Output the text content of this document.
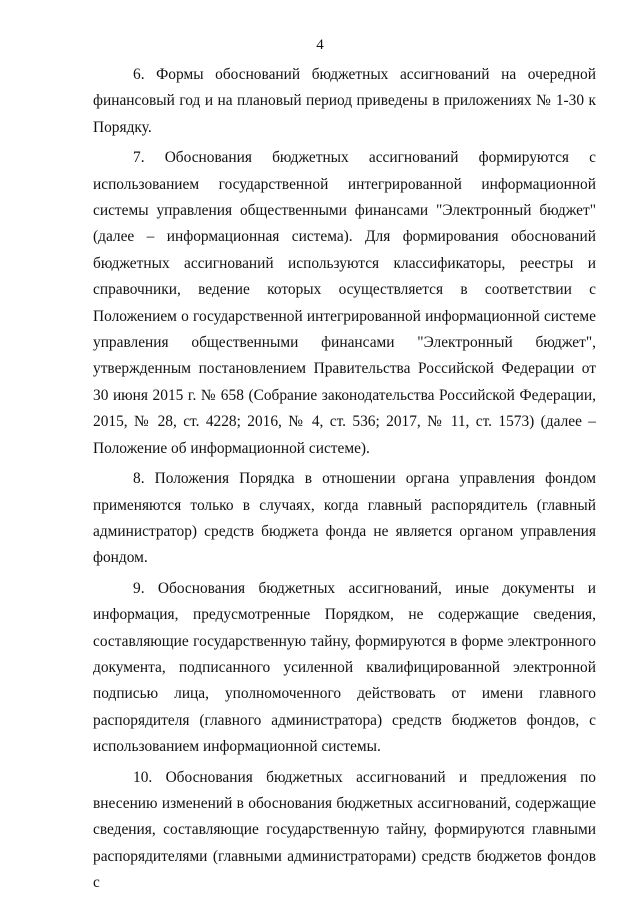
4

6. Формы обоснований бюджетных ассигнований на очередной финансовый год и на плановый период приведены в приложениях № 1-30 к Порядку.

7. Обоснования бюджетных ассигнований формируются с использованием государственной интегрированной информационной системы управления общественными финансами "Электронный бюджет" (далее – информационная система). Для формирования обоснований бюджетных ассигнований используются классификаторы, реестры и справочники, ведение которых осуществляется в соответствии с Положением о государственной интегрированной информационной системе управления общественными финансами "Электронный бюджет", утвержденным постановлением Правительства Российской Федерации от 30 июня 2015 г. № 658 (Собрание законодательства Российской Федерации, 2015, № 28, ст. 4228; 2016, № 4, ст. 536; 2017, № 11, ст. 1573) (далее – Положение об информационной системе).

8. Положения Порядка в отношении органа управления фондом применяются только в случаях, когда главный распорядитель (главный администратор) средств бюджета фонда не является органом управления фондом.

9. Обоснования бюджетных ассигнований, иные документы и информация, предусмотренные Порядком, не содержащие сведения, составляющие государственную тайну, формируются в форме электронного документа, подписанного усиленной квалифицированной электронной подписью лица, уполномоченного действовать от имени главного распорядителя (главного администратора) средств бюджетов фондов, с использованием информационной системы.

10. Обоснования бюджетных ассигнований и предложения по внесению изменений в обоснования бюджетных ассигнований, содержащие сведения, составляющие государственную тайну, формируются главными распорядителями (главными администраторами) средств бюджетов фондов с
